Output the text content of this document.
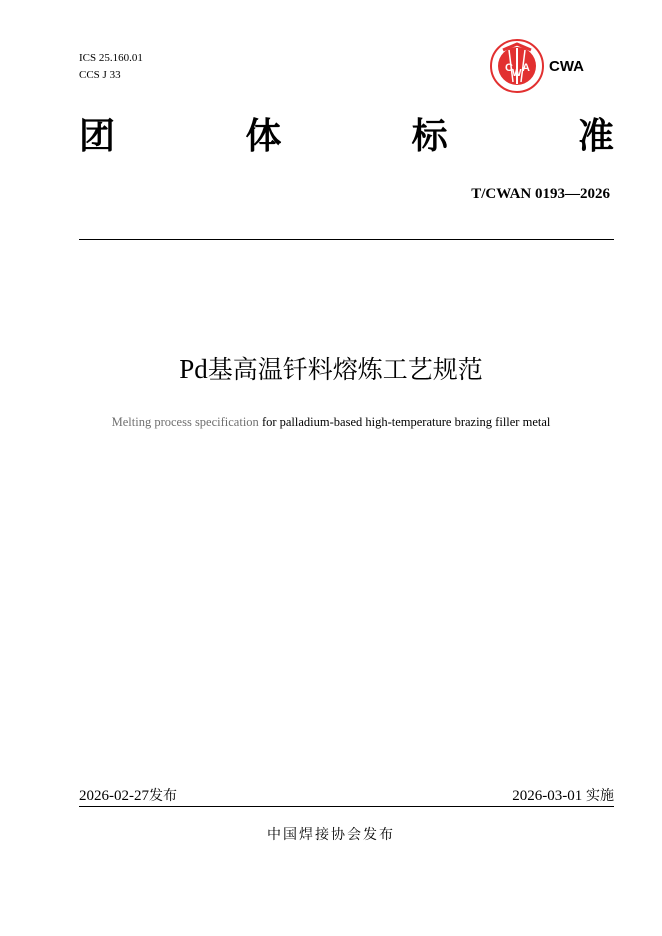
ICS 25.160.01
CCS J 33
C W A CWA
团	体	标	准
T/CWAN 0193—2026
Pd基高温钎料熔炼工艺规范
Melting process specification for palladium-based high-temperature brazing filler metal
2026-02-27发布	2026-03-01 实施
中国焊接协会发布
